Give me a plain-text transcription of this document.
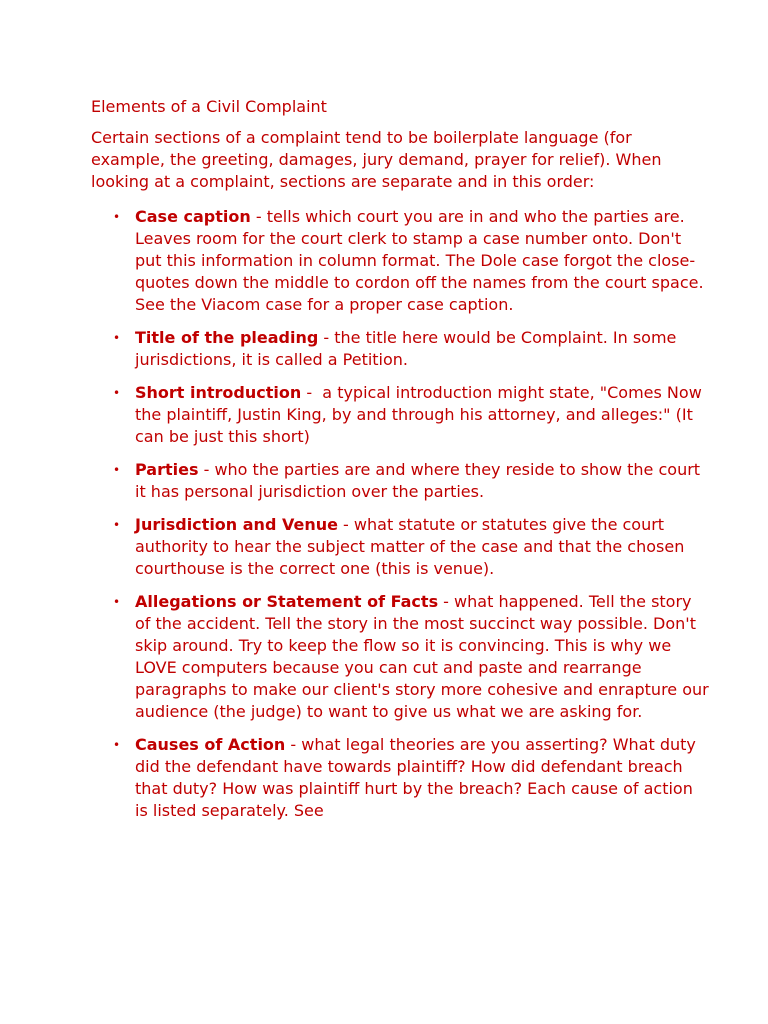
Elements of a Civil Complaint
Certain sections of a complaint tend to be boilerplate language (for example, the greeting, damages, jury demand, prayer for relief). When looking at a complaint, sections are separate and in this order:
• Case caption - tells which court you are in and who the parties are. Leaves room for the court clerk to stamp a case number onto. Don't put this information in column format. The Dole case forgot the close-quotes down the middle to cordon off the names from the court space. See the Viacom case for a proper case caption.
• Title of the pleading - the title here would be Complaint. In some jurisdictions, it is called a Petition.
• Short introduction -  a typical introduction might state, "Comes Now the plaintiff, Justin King, by and through his attorney, and alleges:" (It can be just this short)
• Parties - who the parties are and where they reside to show the court it has personal jurisdiction over the parties.
• Jurisdiction and Venue - what statute or statutes give the court authority to hear the subject matter of the case and that the chosen courthouse is the correct one (this is venue).
• Allegations or Statement of Facts - what happened. Tell the story of the accident. Tell the story in the most succinct way possible. Don't skip around. Try to keep the flow so it is convincing. This is why we LOVE computers because you can cut and paste and rearrange paragraphs to make our client's story more cohesive and enrapture our audience (the judge) to want to give us what we are asking for.
• Causes of Action - what legal theories are you asserting? What duty did the defendant have towards plaintiff? How did defendant breach that duty? How was plaintiff hurt by the breach? Each cause of action is listed separately. See
